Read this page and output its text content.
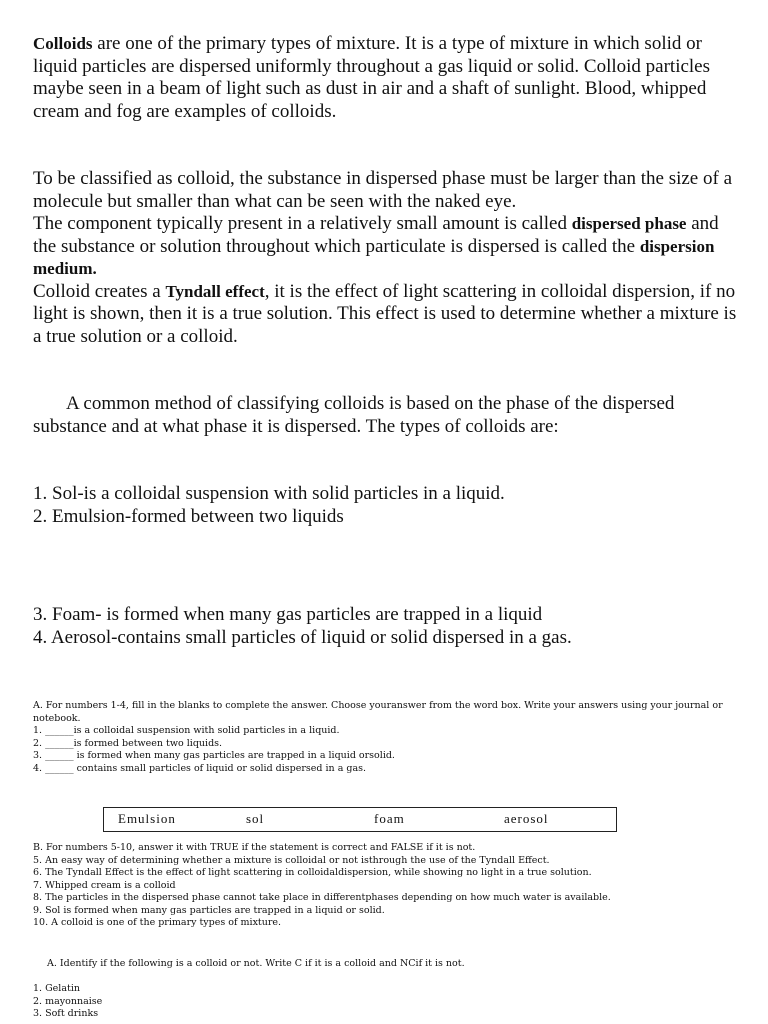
Colloids are one of the primary types of mixture. It is a type of mixture in which solid or liquid particles are dispersed uniformly throughout a gas liquid or solid. Colloid particles maybe seen in a beam of light such as dust in air and a shaft of sunlight. Blood, whipped cream and fog are examples of colloids.

To be classified as colloid, the substance in dispersed phase must be larger than the size of a molecule but smaller than what can be seen with the naked eye.

The component typically present in a relatively small amount is called dispersed phase and the substance or solution throughout which particulate is dispersed is called the dispersion medium.

Colloid creates a Tyndall effect, it is the effect of light scattering in colloidal dispersion, if no light is shown, then it is a true solution. This effect is used to determine whether a mixture is a true solution or a colloid.

A common method of classifying colloids is based on the phase of the dispersed substance and at what phase it is dispersed. The types of colloids are:

1. Sol-is a colloidal suspension with solid particles in a liquid.

2. Emulsion-formed between two liquids

3. Foam- is formed when many gas particles are trapped in a liquid

4. Aerosol-contains small particles of liquid or solid dispersed in a gas.

A. For numbers 1-4, fill in the blanks to complete the answer. Choose youranswer from the word box. Write your answers using your journal or notebook.

1. ______is a colloidal suspension with solid particles in a liquid.

2. ______is formed between two liquids.

3. ______ is formed when many gas particles are trapped in a liquid orsolid.

4. ______ contains small particles of liquid or solid dispersed in a gas.

Emulsion	sol	foam	aerosol

B. For numbers 5-10, answer it with TRUE if the statement is correct and FALSE if it is not.

5. An easy way of determining whether a mixture is colloidal or not isthrough the use of the Tyndall Effect.

6. The Tyndall Effect is the effect of light scattering in colloidaldispersion, while showing no light in a true solution.

7. Whipped cream is a colloid

8. The particles in the dispersed phase cannot take place in differentphases depending on how much water is available.

9. Sol is formed when many gas particles are trapped in a liquid or solid.

10. A colloid is one of the primary types of mixture.

A. Identify if the following is a colloid or not. Write C if it is a colloid and NCif it is not.

1. Gelatin

2. mayonnaise

3. Soft drinks
